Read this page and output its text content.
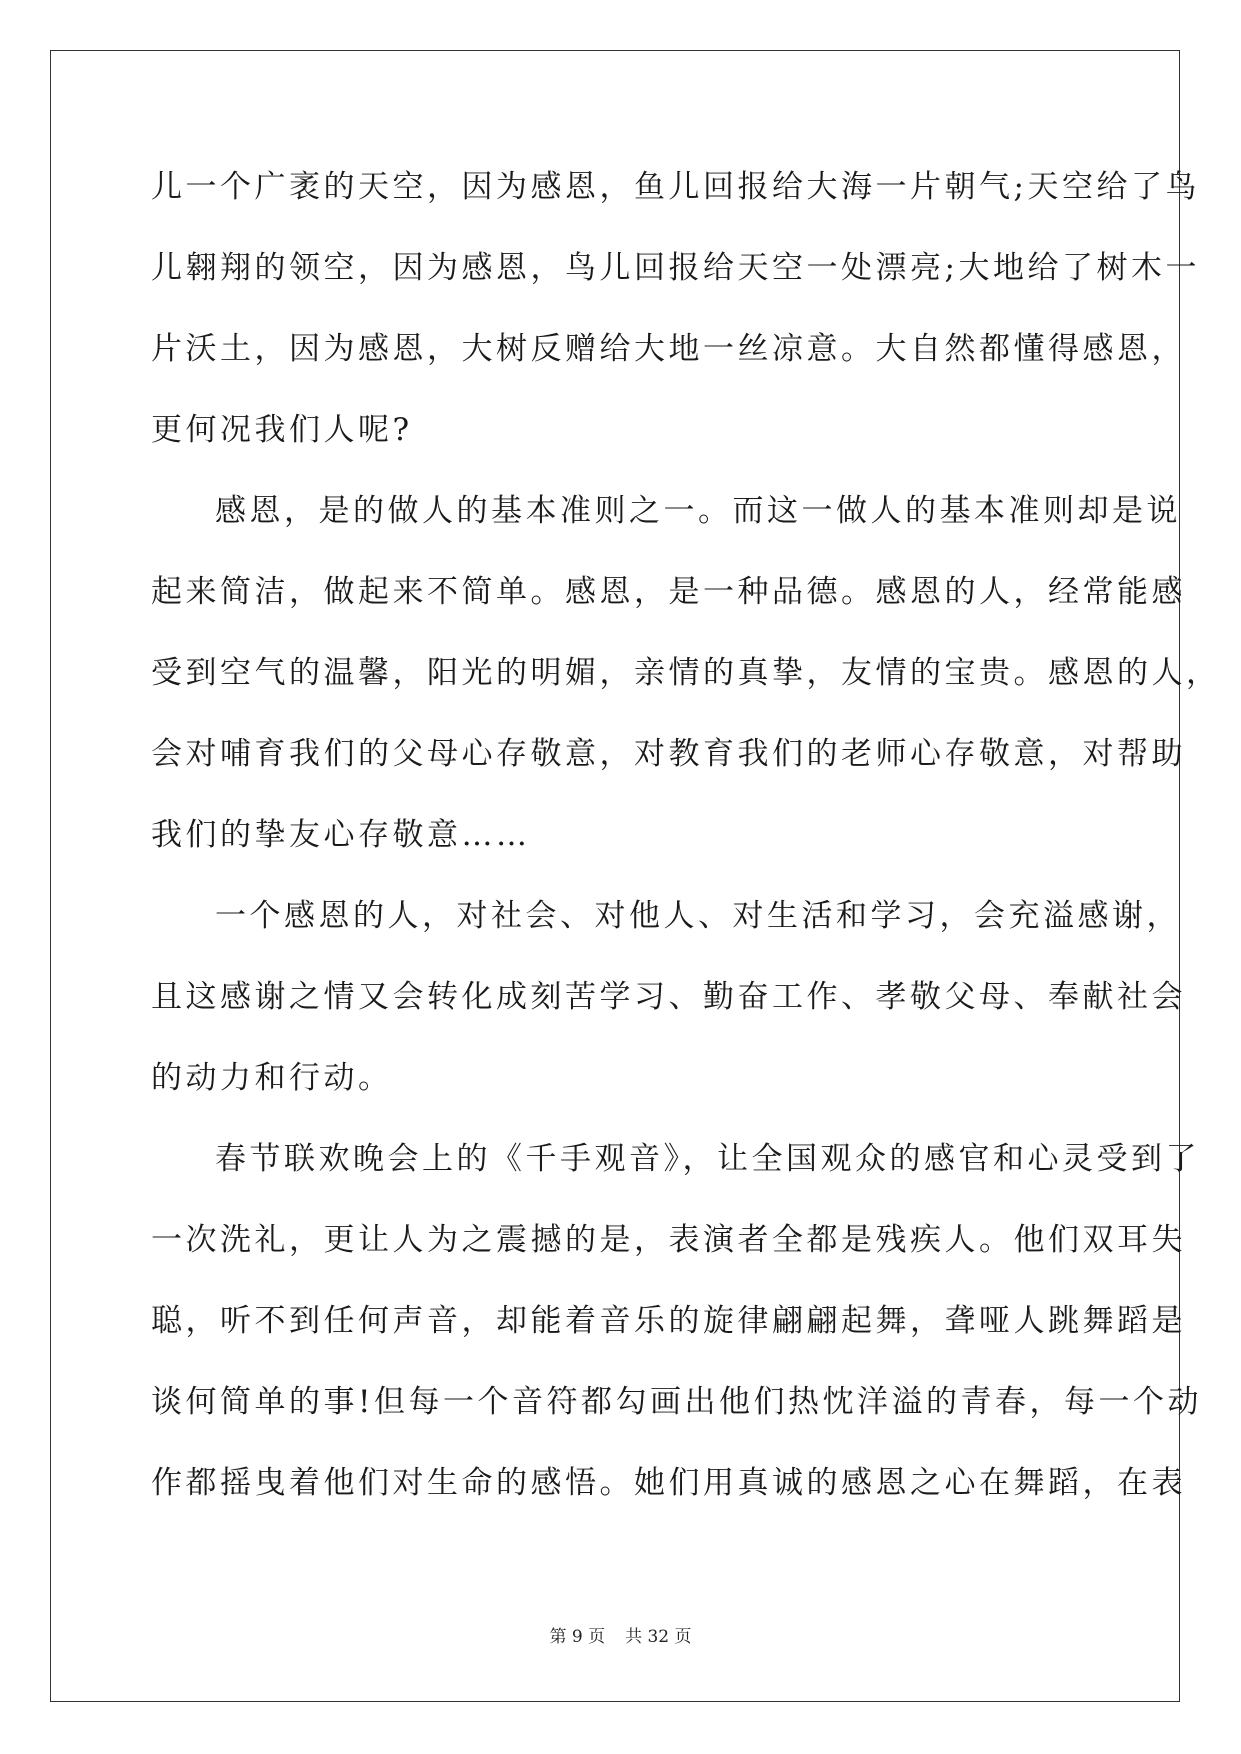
儿一个广袤的天空，因为感恩，鱼儿回报给大海一片朝气;天空给了鸟
儿翱翔的领空，因为感恩，鸟儿回报给天空一处漂亮;大地给了树木一
片沃土，因为感恩，大树反赠给大地一丝凉意。大自然都懂得感恩，
更何况我们人呢?
感恩，是的做人的基本准则之一。而这一做人的基本准则却是说
起来简洁，做起来不简单。感恩，是一种品德。感恩的人，经常能感
受到空气的温馨，阳光的明媚，亲情的真挚，友情的宝贵。感恩的人，
会对哺育我们的父母心存敬意，对教育我们的老师心存敬意，对帮助
我们的挚友心存敬意……
一个感恩的人，对社会、对他人、对生活和学习，会充溢感谢，
且这感谢之情又会转化成刻苦学习、勤奋工作、孝敬父母、奉献社会
的动力和行动。
春节联欢晚会上的《千手观音》，让全国观众的感官和心灵受到了
一次洗礼，更让人为之震撼的是，表演者全都是残疾人。他们双耳失
聪，听不到任何声音，却能着音乐的旋律翩翩起舞，聋哑人跳舞蹈是
谈何简单的事!但每一个音符都勾画出他们热忱洋溢的青春，每一个动
作都摇曳着他们对生命的感悟。她们用真诚的感恩之心在舞蹈，在表
第 9 页 共 32 页
